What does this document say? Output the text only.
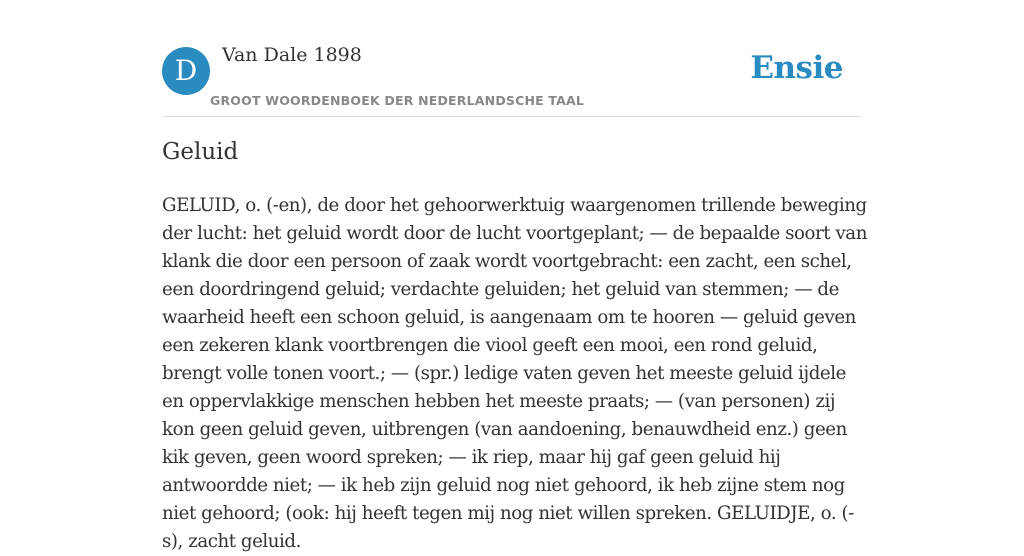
D	Van Dale 1898
GROOT WOORDENBOEK DER NEDERLANDSCHE TAAL
Ensie
Geluid

GELUID, o. (-en), de door het gehoorwerktuig waargenomen trillende beweging der lucht: het geluid wordt door de lucht voortgeplant; — de bepaalde soort van klank die door een persoon of zaak wordt voortgebracht: een zacht, een schel, een doordringend geluid; verdachte geluiden; het geluid van stemmen; — de waarheid heeft een schoon geluid, is aangenaam om te hooren — geluid geven een zekeren klank voortbrengen die viool geeft een mooi, een rond geluid, brengt volle tonen voort.; — (spr.) ledige vaten geven het meeste geluid ijdele en oppervlakkige menschen hebben het meeste praats; — (van personen) zij kon geen geluid geven, uitbrengen (van aandoening, benauwdheid enz.) geen kik geven, geen woord spreken; — ik riep, maar hij gaf geen geluid hij antwoordde niet; — ik heb zijn geluid nog niet gehoord, ik heb zijne stem nog niet gehoord; (ook: hij heeft tegen mij nog niet willen spreken. GELUIDJE, o. (-s), zacht geluid.
